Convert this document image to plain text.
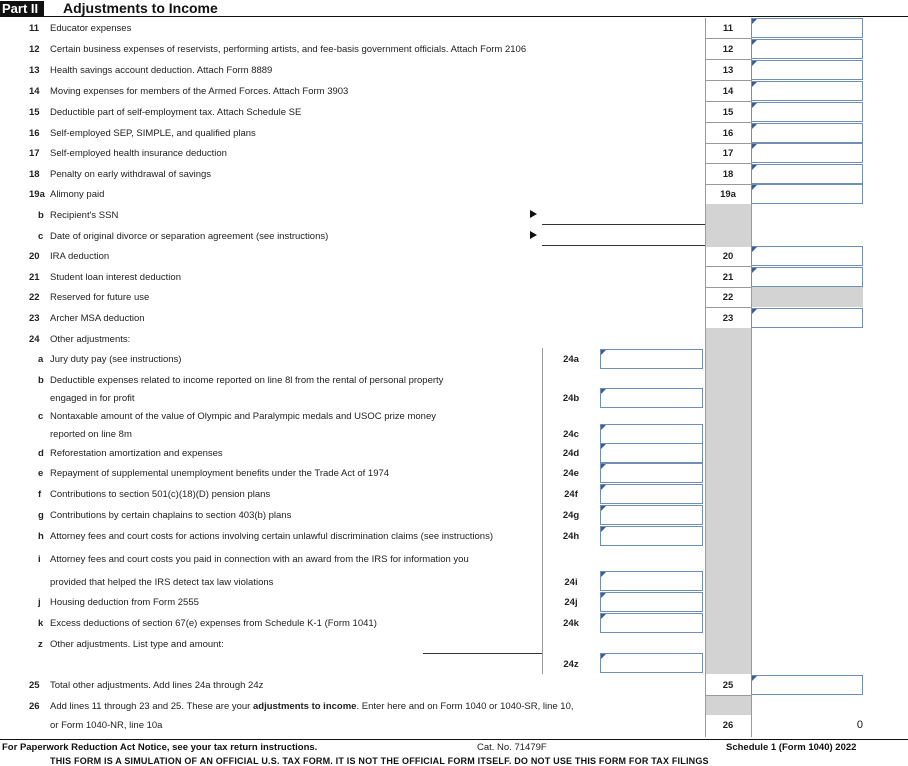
Part II	Adjustments to Income
11 Educator expenses	11
12 Certain business expenses of reservists, performing artists, and fee-basis government officials. Attach Form 2106	12
13 Health savings account deduction. Attach Form 8889	13
14 Moving expenses for members of the Armed Forces. Attach Form 3903	14
15 Deductible part of self-employment tax. Attach Schedule SE	15
16 Self-employed SEP, SIMPLE, and qualified plans	16
17 Self-employed health insurance deduction	17
18 Penalty on early withdrawal of savings	18
19a Alimony paid	19a
b Recipient's SSN
c Date of original divorce or separation agreement (see instructions)
20 IRA deduction	20
21 Student loan interest deduction	21
22 Reserved for future use	22
23 Archer MSA deduction	23
24 Other adjustments:
a Jury duty pay (see instructions)	24a
b Deductible expenses related to income reported on line 8l from the rental of personal property
engaged in for profit	24b
c Nontaxable amount of the value of Olympic and Paralympic medals and USOC prize money
reported on line 8m	24c
d Reforestation amortization and expenses	24d
e Repayment of supplemental unemployment benefits under the Trade Act of 1974	24e
f Contributions to section 501(c)(18)(D) pension plans	24f
g Contributions by certain chaplains to section 403(b) plans	24g
h Attorney fees and court costs for actions involving certain unlawful discrimination claims (see instructions)	24h
i Attorney fees and court costs you paid in connection with an award from the IRS for information you
provided that helped the IRS detect tax law violations	24i
j Housing deduction from Form 2555	24j
k Excess deductions of section 67(e) expenses from Schedule K-1 (Form 1041)	24k
z Other adjustments. List type and amount:
24z
25 Total other adjustments. Add lines 24a through 24z	25
26 Add lines 11 through 23 and 25. These are your adjustments to income. Enter here and on Form 1040 or 1040-SR, line 10,
or Form 1040-NR, line 10a	26	0
For Paperwork Reduction Act Notice, see your tax return instructions.	Cat. No. 71479F	Schedule 1 (Form 1040) 2022
THIS FORM IS A SIMULATION OF AN OFFICIAL U.S. TAX FORM. IT IS NOT THE OFFICIAL FORM ITSELF. DO NOT USE THIS FORM FOR TAX FILINGS
